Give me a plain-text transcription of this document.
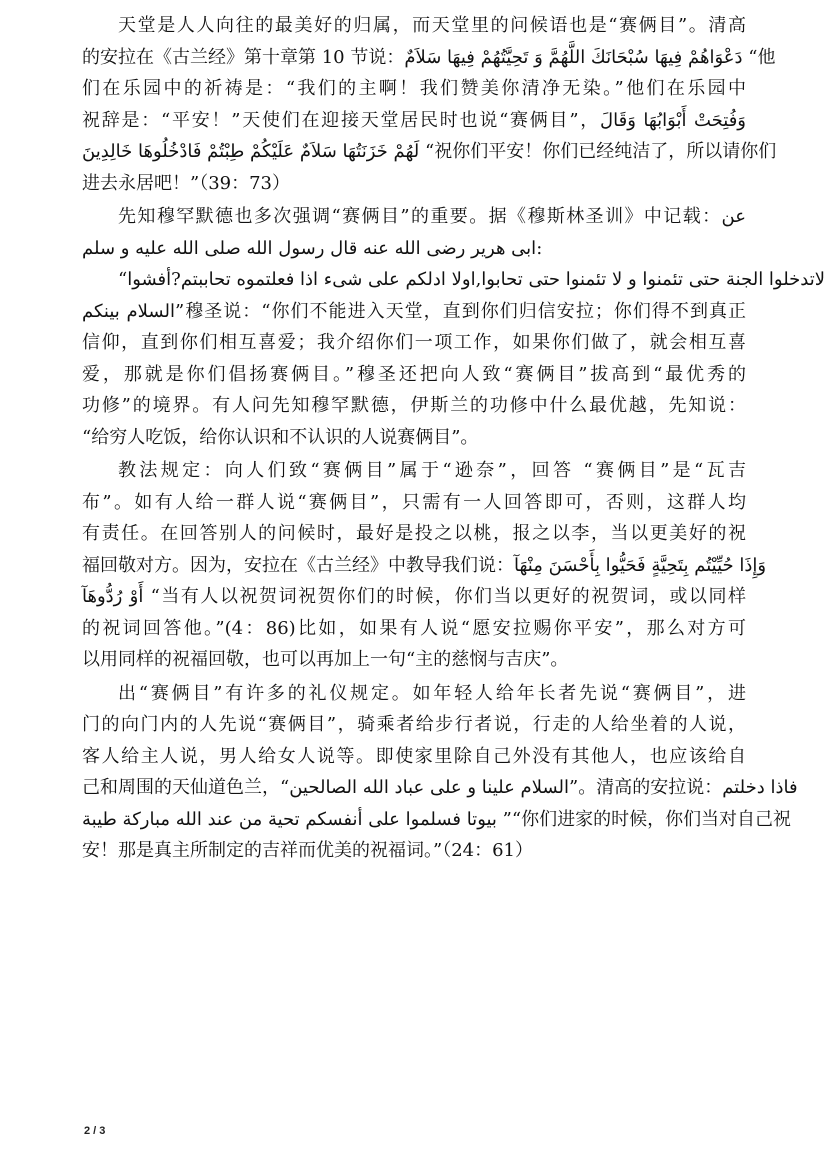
天堂是人人向往的最美好的归属，而天堂里的问候语也是“赛俩目”。清高
的安拉在《古兰经》第十章第 10 节说：دَعْوَاهُمْ فِيهَا سُبْحَانَكَ اللَّهُمَّ وَ تَحِيَّتُهُمْ فِيهَا سَلاَمٌ “他
们在乐园中的祈祷是：“我们的主啊！我们赞美你清净无染。”他们在乐园中
祝辞是：“平安！”天使们在迎接天堂居民时也说“赛俩目”，وَفُتِحَتْ أَبْوَابُهَا وَقَالَ
لَهُمْ خَزَنَتُهَا سَلاَمٌ عَلَيْكُمْ طِبْتُمْ فَادْخُلُوهَا خَالِدِينَ “祝你们平安！你们已经纯洁了，所以请你们
进去永居吧！”（39：73）
先知穆罕默德也多次强调“赛俩目”的重要。据《穆斯林圣训》中记载：عن
ابى هرير رضى الله عنه قال رسول الله صلى الله عليه و سلم:
“لاتدخلوا الجنة حتى تئمنوا و لا تئمنوا حتى تحابوا,اولا ادلكم على شىء اذا فعلتموه تحاببتم?أفشوا
السلام بينكم”穆圣说：“你们不能进入天堂，直到你们归信安拉；你们得不到真正
信仰，直到你们相互喜爱；我介绍你们一项工作，如果你们做了，就会相互喜
爱，那就是你们倡扬赛俩目。”穆圣还把向人致“赛俩目”拔高到“最优秀的
功修”的境界。有人问先知穆罕默德，伊斯兰的功修中什么最优越，先知说：
“给穷人吃饭，给你认识和不认识的人说赛俩目”。
教法规定：向人们致“赛俩目”属于“逊奈”，回答 “赛俩目”是“瓦吉
布”。如有人给一群人说“赛俩目”，只需有一人回答即可，否则，这群人均
有责任。在回答别人的问候时，最好是投之以桃，报之以李，当以更美好的祝
福回敬对方。因为，安拉在《古兰经》中教导我们说：وَإِذَا حُيِّيْتُم بِتَحِيَّةٍ فَحَيُّوا بِأَحْسَنَ مِنْهَآ
أَوْ رُدُّوهَآ “当有人以祝贺词祝贺你们的时候，你们当以更好的祝贺词，或以同样
的祝词回答他。”(4：86)比如，如果有人说“愿安拉赐你平安”，那么对方可
以用同样的祝福回敬，也可以再加上一句“主的慈悯与吉庆”。
出“赛俩目”有许多的礼仪规定。如年轻人给年长者先说“赛俩目”，进
门的向门内的人先说“赛俩目”，骑乘者给步行者说，行走的人给坐着的人说，
客人给主人说，男人给女人说等。即使家里除自己外没有其他人，也应该给自
己和周围的天仙道色兰，“السلام علينا و على عباد الله الصالحين”。清高的安拉说：فاذا دخلتم
بيوتا فسلموا على أنفسكم تحية من عند الله مباركة طيبة ”“你们进家的时候，你们当对自己祝
安！那是真主所制定的吉祥而优美的祝福词。”（24：61）
2 / 3
